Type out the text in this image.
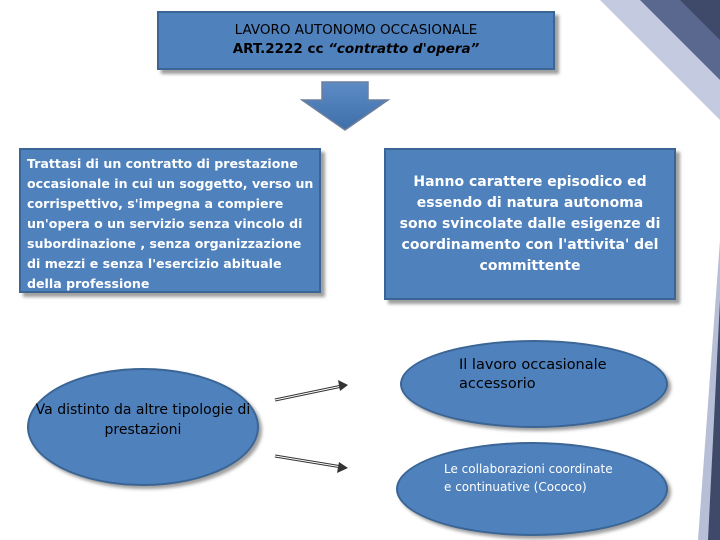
LAVORO AUTONOMO OCCASIONALE
ART.2222 cc “contratto d'opera”
Trattasi di un contratto di prestazione occasionale in cui un soggetto, verso un corrispettivo, s'impegna a compiere un'opera o un servizio senza vincolo di subordinazione , senza organizzazione di mezzi e senza l'esercizio abituale della professione
Hanno carattere episodico ed essendo di natura autonoma sono svincolate dalle esigenze di coordinamento con l'attivita' del committente
Va distinto da altre tipologie di prestazioni
Il lavoro occasionale accessorio
Le collaborazioni coordinate e continuative (Cococo)
